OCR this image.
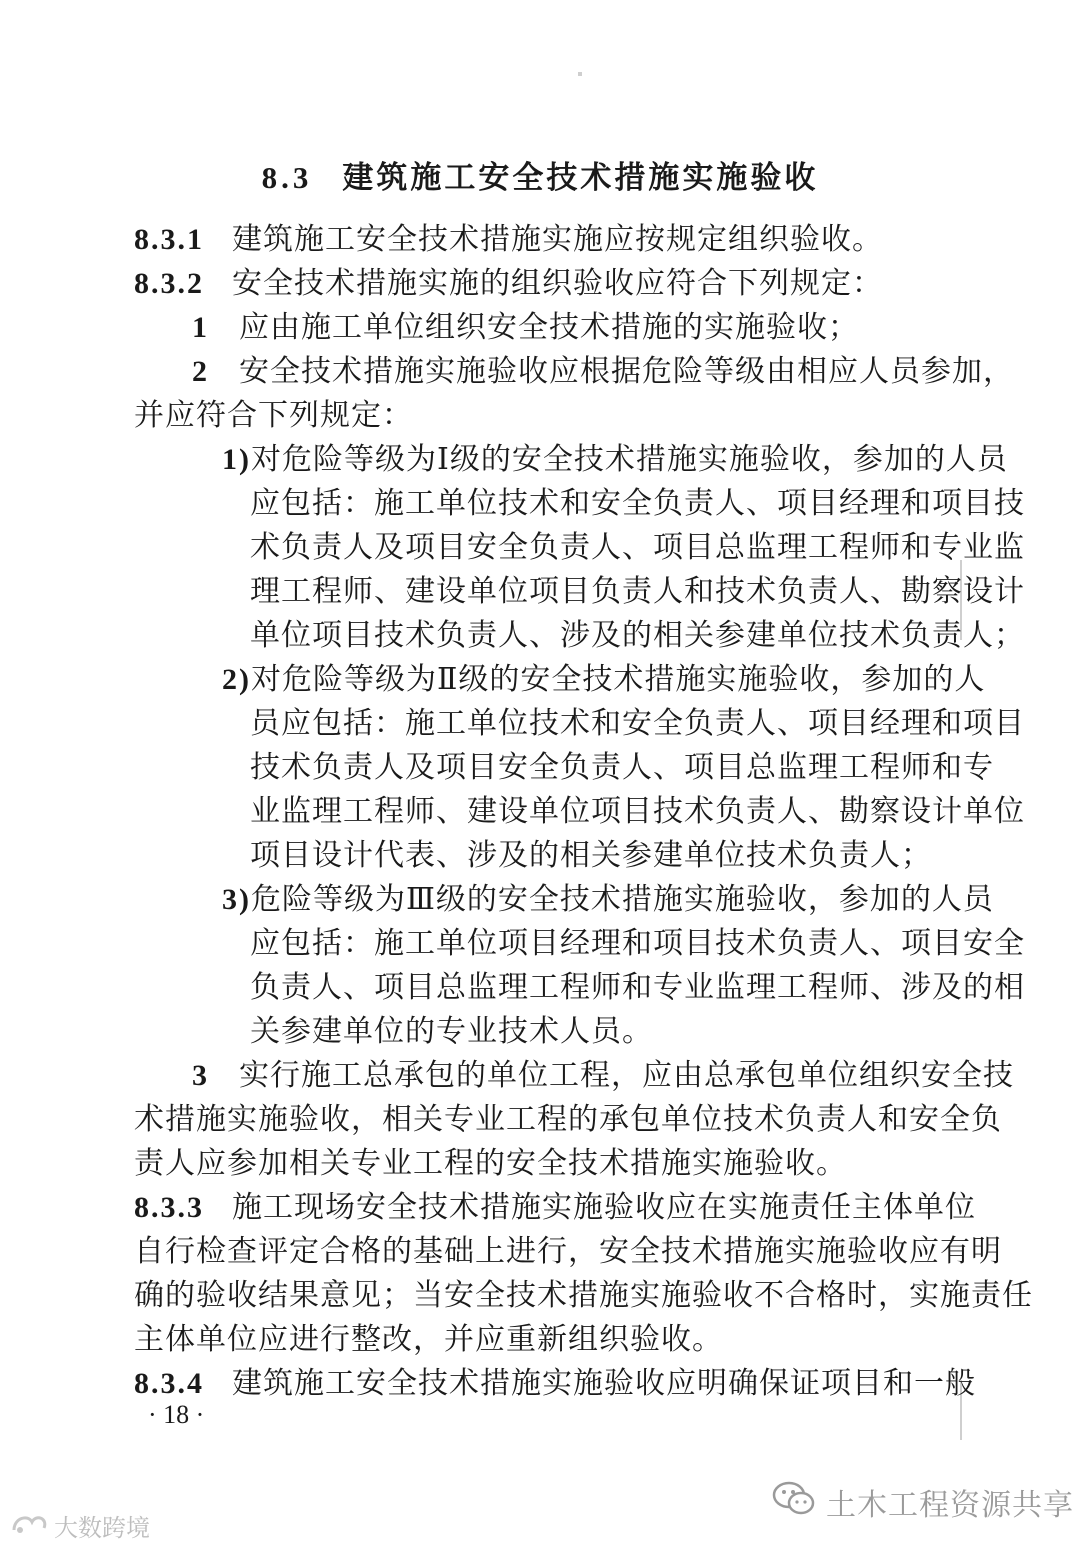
8.3 建筑施工安全技术措施实施验收
8.3.1 建筑施工安全技术措施实施应按规定组织验收。
8.3.2 安全技术措施实施的组织验收应符合下列规定：
1 应由施工单位组织安全技术措施的实施验收；
2 安全技术措施实施验收应根据危险等级由相应人员参加，
并应符合下列规定：
1)对危险等级为Ⅰ级的安全技术措施实施验收，参加的人员
应包括：施工单位技术和安全负责人、项目经理和项目技
术负责人及项目安全负责人、项目总监理工程师和专业监
理工程师、建设单位项目负责人和技术负责人、勘察设计
单位项目技术负责人、涉及的相关参建单位技术负责人；
2)对危险等级为Ⅱ级的安全技术措施实施验收，参加的人
员应包括：施工单位技术和安全负责人、项目经理和项目
技术负责人及项目安全负责人、项目总监理工程师和专
业监理工程师、建设单位项目技术负责人、勘察设计单位
项目设计代表、涉及的相关参建单位技术负责人；
3)危险等级为Ⅲ级的安全技术措施实施验收，参加的人员
应包括：施工单位项目经理和项目技术负责人、项目安全
负责人、项目总监理工程师和专业监理工程师、涉及的相
关参建单位的专业技术人员。
3 实行施工总承包的单位工程，应由总承包单位组织安全技
术措施实施验收，相关专业工程的承包单位技术负责人和安全负
责人应参加相关专业工程的安全技术措施实施验收。
8.3.3 施工现场安全技术措施实施验收应在实施责任主体单位
自行检查评定合格的基础上进行，安全技术措施实施验收应有明
确的验收结果意见；当安全技术措施实施验收不合格时，实施责任
主体单位应进行整改，并应重新组织验收。
8.3.4 建筑施工安全技术措施实施验收应明确保证项目和一般
· 18 ·
大数跨境
土木工程资源共享
